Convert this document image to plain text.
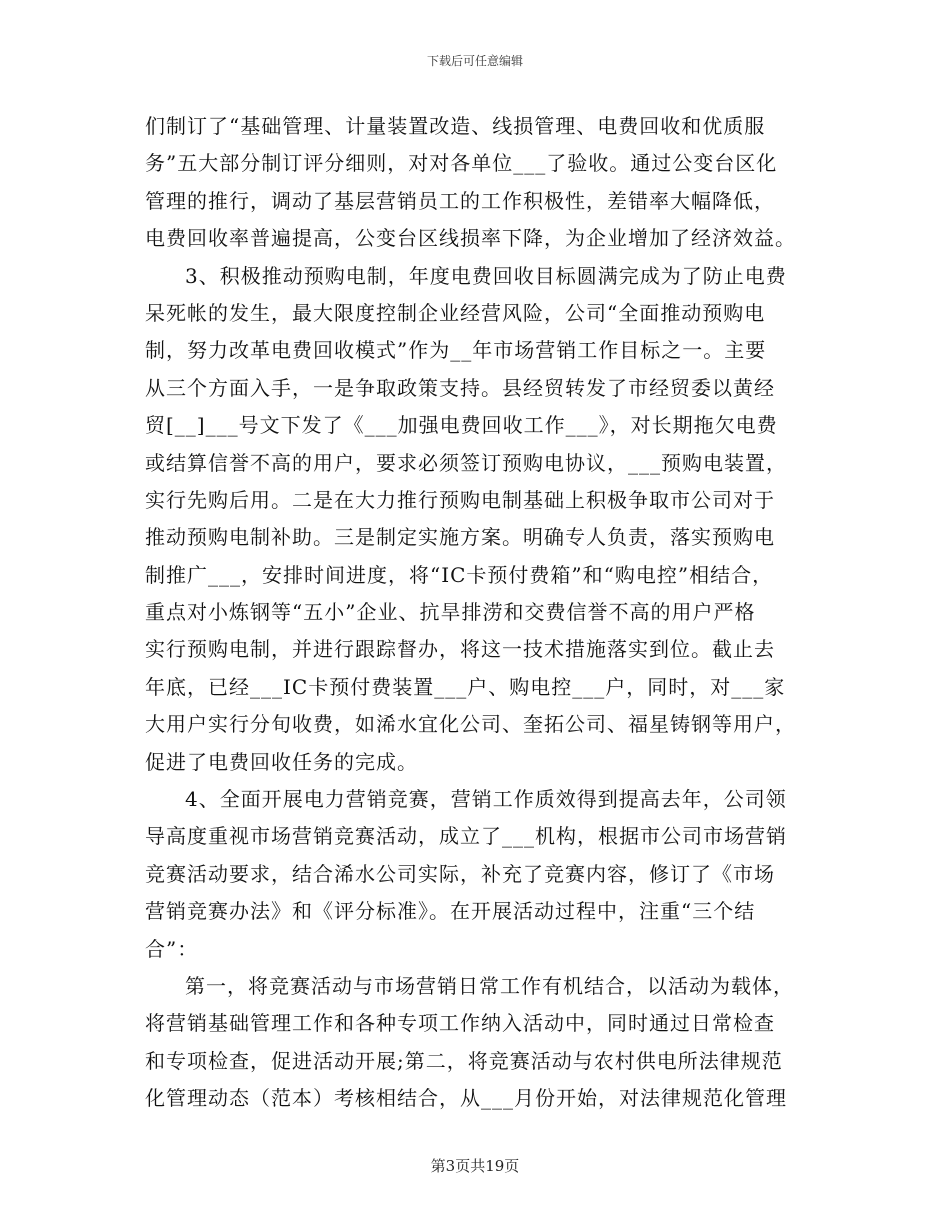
下载后可任意编辑
们制订了“基础管理、计量装置改造、线损管理、电费回收和优质服
务”五大部分制订评分细则，对对各单位___了验收。通过公变台区化
管理的推行，调动了基层营销员工的工作积极性，差错率大幅降低，
电费回收率普遍提高，公变台区线损率下降，为企业增加了经济效益。
3、积极推动预购电制，年度电费回收目标圆满完成为了防止电费
呆死帐的发生，最大限度控制企业经营风险，公司“全面推动预购电
制，努力改革电费回收模式”作为__年市场营销工作目标之一。主要
从三个方面入手，一是争取政策支持。县经贸转发了市经贸委以黄经
贸[__]___号文下发了《___加强电费回收工作___》，对长期拖欠电费
或结算信誉不高的用户，要求必须签订预购电协议，___预购电装置，
实行先购后用。二是在大力推行预购电制基础上积极争取市公司对于
推动预购电制补助。三是制定实施方案。明确专人负责，落实预购电
制推广___，安排时间进度，将“IC卡预付费箱”和“购电控”相结合，
重点对小炼钢等“五小”企业、抗旱排涝和交费信誉不高的用户严格
实行预购电制，并进行跟踪督办，将这一技术措施落实到位。截止去
年底，已经___IC卡预付费装置___户、购电控___户，同时，对___家
大用户实行分旬收费，如浠水宜化公司、奎拓公司、福星铸钢等用户，
促进了电费回收任务的完成。
4、全面开展电力营销竞赛，营销工作质效得到提高去年，公司领
导高度重视市场营销竞赛活动，成立了___机构，根据市公司市场营销
竞赛活动要求，结合浠水公司实际，补充了竞赛内容，修订了《市场
营销竞赛办法》和《评分标准》。在开展活动过程中，注重“三个结
合”：
第一，将竞赛活动与市场营销日常工作有机结合，以活动为载体，
将营销基础管理工作和各种专项工作纳入活动中，同时通过日常检查
和专项检查，促进活动开展;第二，将竞赛活动与农村供电所法律规范
化管理动态（范本）考核相结合，从___月份开始，对法律规范化管理
第3页共19页
